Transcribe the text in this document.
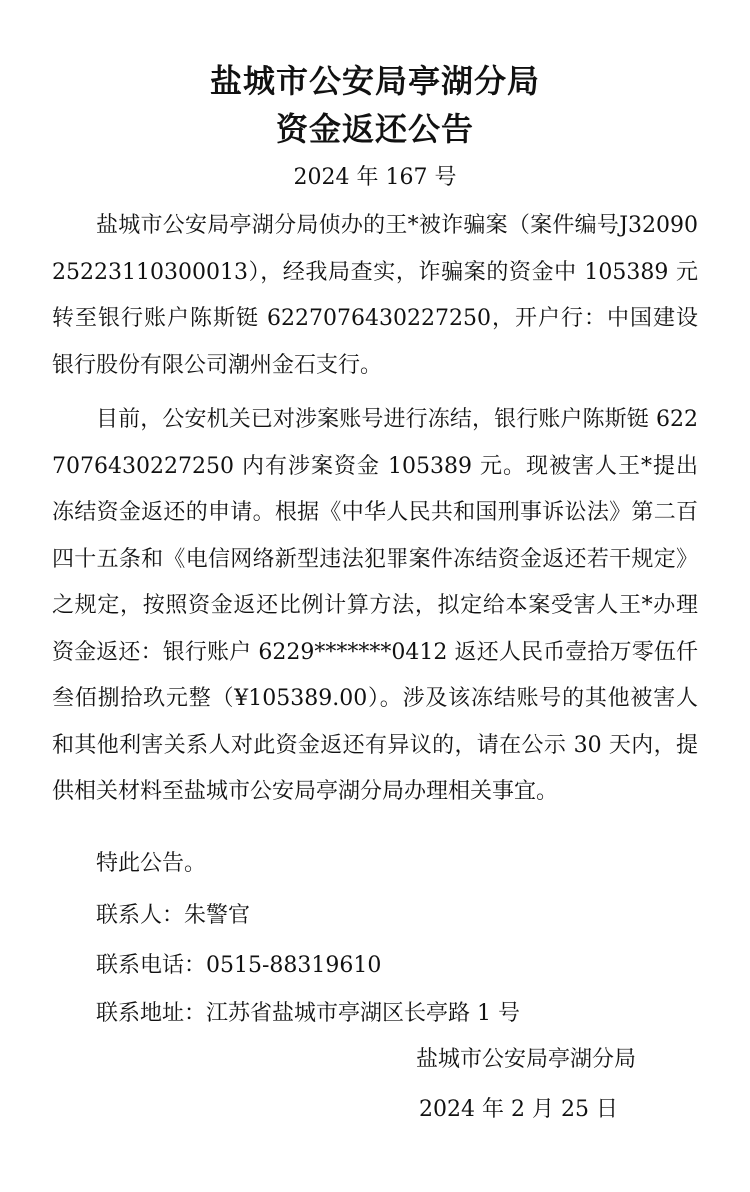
盐城市公安局亭湖分局
资金返还公告
2024 年 167 号
盐城市公安局亭湖分局侦办的王*被诈骗案（案件编号J3209025223110300013），经我局查实，诈骗案的资金中 105389 元转至银行账户陈斯铤 6227076430227250，开户行：中国建设银行股份有限公司潮州金石支行。
目前，公安机关已对涉案账号进行冻结，银行账户陈斯铤 6227076430227250 内有涉案资金 105389 元。现被害人王*提出冻结资金返还的申请。根据《中华人民共和国刑事诉讼法》第二百四十五条和《电信网络新型违法犯罪案件冻结资金返还若干规定》之规定，按照资金返还比例计算方法，拟定给本案受害人王*办理资金返还：银行账户 6229*******0412 返还人民币壹拾万零伍仟叁佰捌拾玖元整（¥105389.00）。涉及该冻结账号的其他被害人和其他利害关系人对此资金返还有异议的，请在公示 30 天内，提供相关材料至盐城市公安局亭湖分局办理相关事宜。
特此公告。
联系人：朱警官
联系电话：0515-88319610
联系地址：江苏省盐城市亭湖区长亭路 1 号
盐城市公安局亭湖分局
2024 年 2 月 25 日
